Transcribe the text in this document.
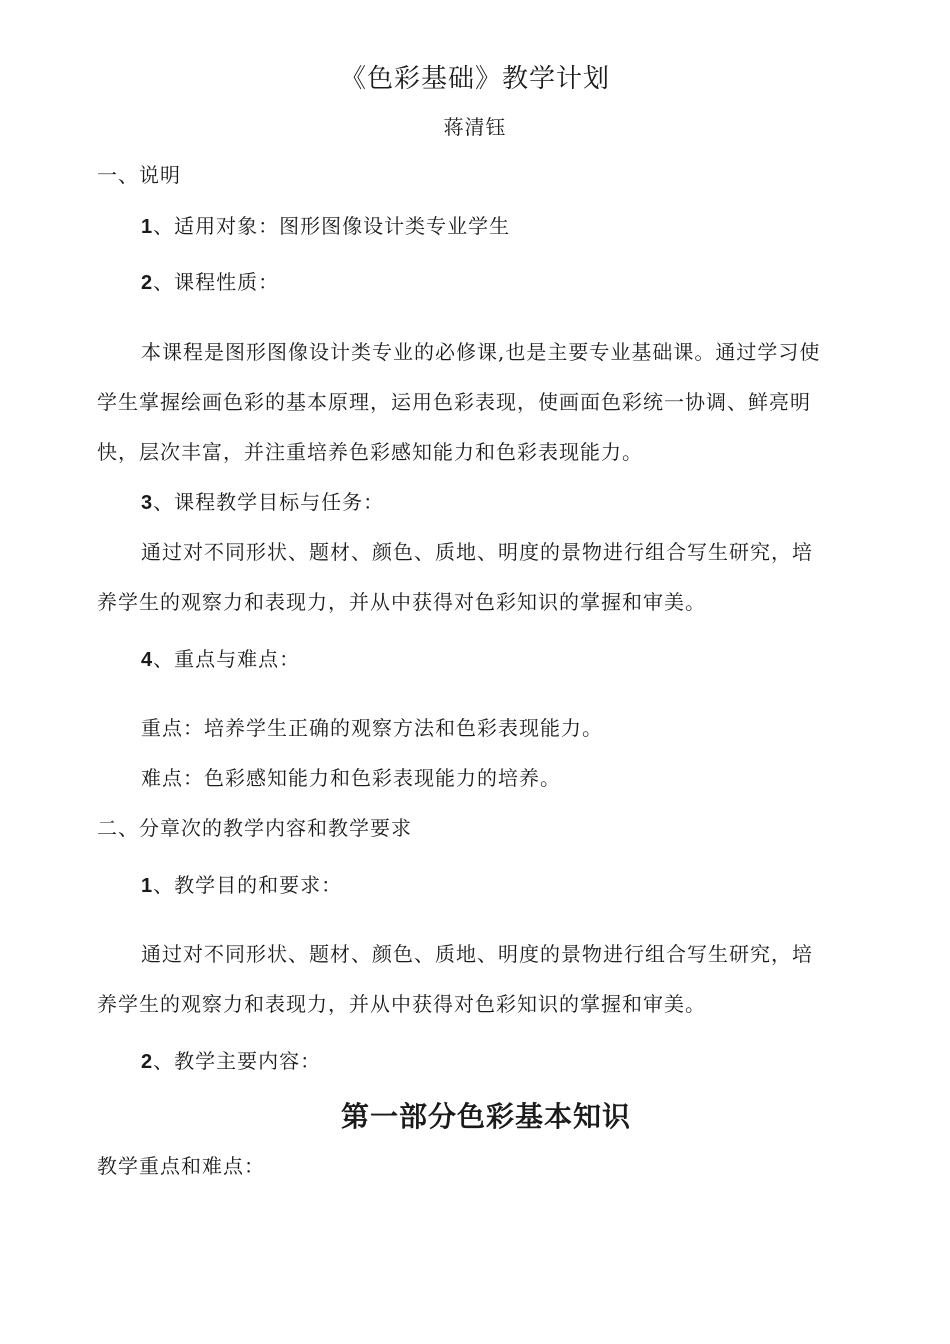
《色彩基础》教学计划
蒋清钰
一、说明
1、适用对象：图形图像设计类专业学生
2、课程性质：
本课程是图形图像设计类专业的必修课,也是主要专业基础课。通过学习使
学生掌握绘画色彩的基本原理，运用色彩表现，使画面色彩统一协调、鲜亮明
快，层次丰富，并注重培养色彩感知能力和色彩表现能力。
3、课程教学目标与任务：
通过对不同形状、题材、颜色、质地、明度的景物进行组合写生研究，培
养学生的观察力和表现力，并从中获得对色彩知识的掌握和审美。
4、重点与难点：
重点：培养学生正确的观察方法和色彩表现能力。
难点：色彩感知能力和色彩表现能力的培养。
二、分章次的教学内容和教学要求
1、教学目的和要求：
通过对不同形状、题材、颜色、质地、明度的景物进行组合写生研究，培
养学生的观察力和表现力，并从中获得对色彩知识的掌握和审美。
2、教学主要内容：
第一部分色彩基本知识
教学重点和难点：
